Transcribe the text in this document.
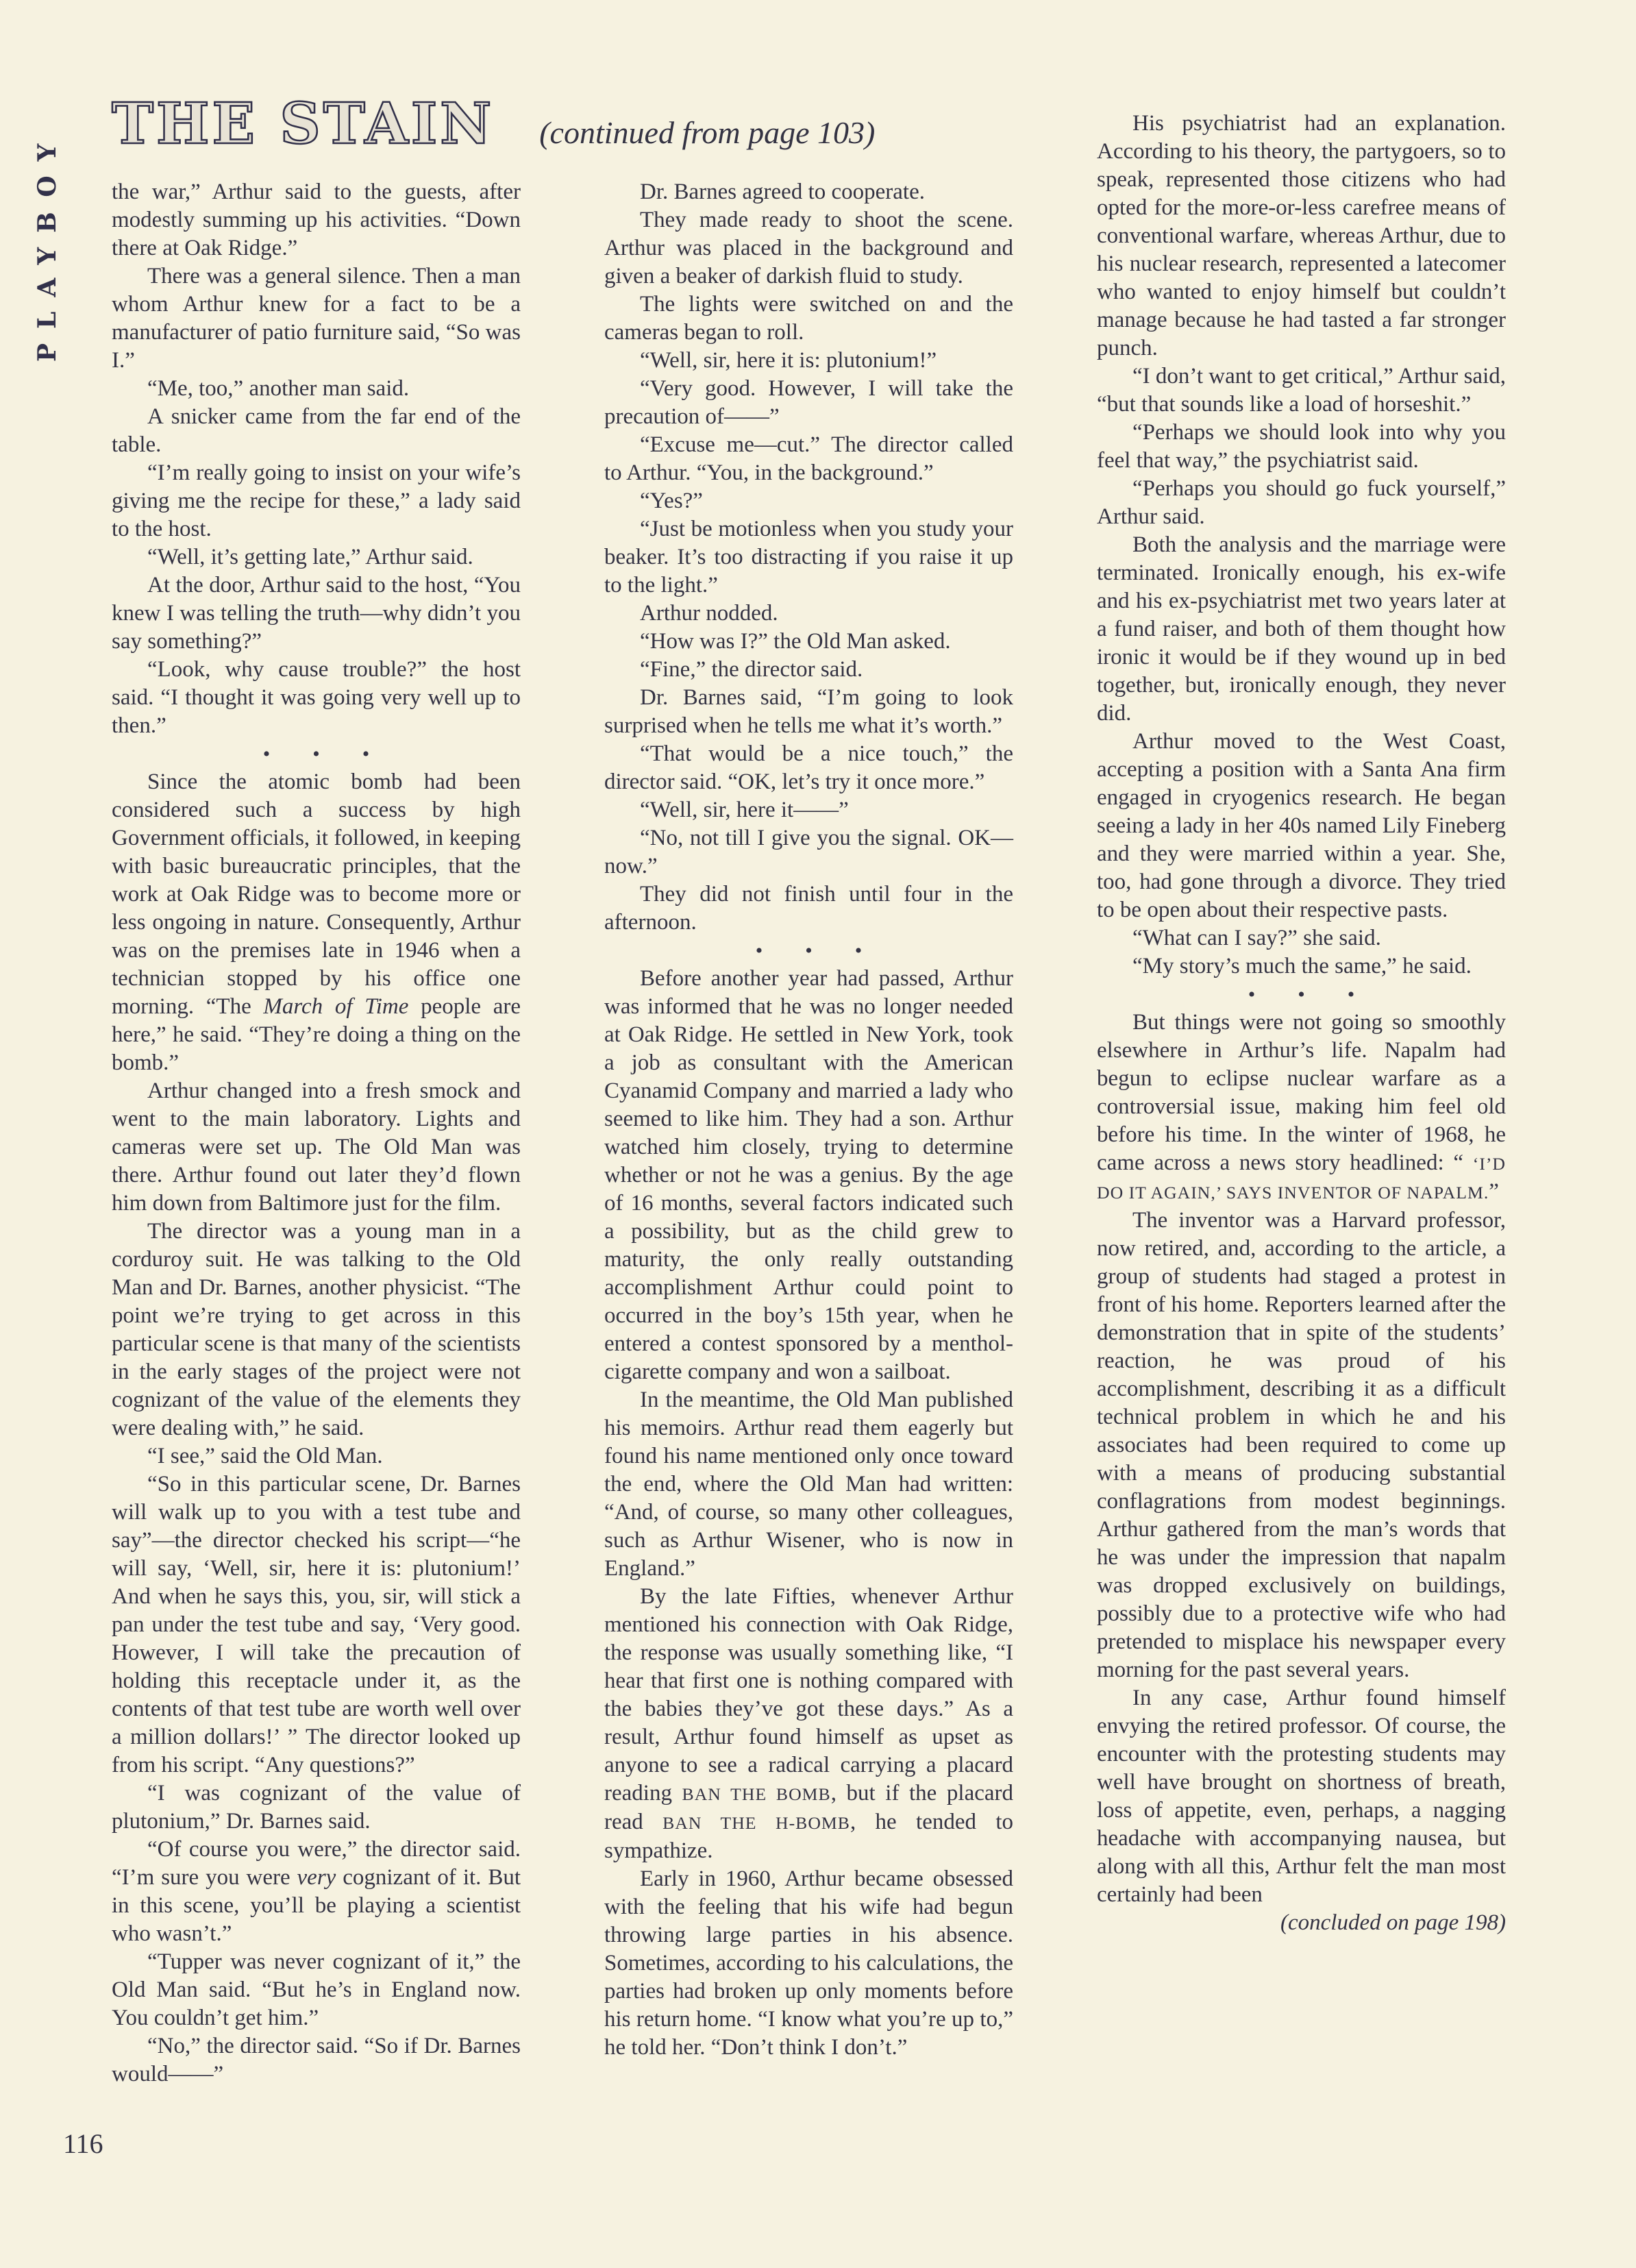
PLAYBOY
THE STAIN (continued from page 103)

the war,” Arthur said to the guests, after modestly summing up his activities. “Down there at Oak Ridge.”

There was a general silence. Then a man whom Arthur knew for a fact to be a manufacturer of patio furniture said, “So was I.”

“Me, too,” another man said.

A snicker came from the far end of the table.

“I’m really going to insist on your wife’s giving me the recipe for these,” a lady said to the host.

“Well, it’s getting late,” Arthur said.

At the door, Arthur said to the host, “You knew I was telling the truth—why didn’t you say something?”

“Look, why cause trouble?” the host said. “I thought it was going very well up to then.”

• • •

Since the atomic bomb had been considered such a success by high Government officials, it followed, in keeping with basic bureaucratic principles, that the work at Oak Ridge was to become more or less ongoing in nature. Consequently, Arthur was on the premises late in 1946 when a technician stopped by his office one morning. “The March of Time people are here,” he said. “They’re doing a thing on the bomb.”

Arthur changed into a fresh smock and went to the main laboratory. Lights and cameras were set up. The Old Man was there. Arthur found out later they’d flown him down from Baltimore just for the film.

The director was a young man in a corduroy suit. He was talking to the Old Man and Dr. Barnes, another physicist. “The point we’re trying to get across in this particular scene is that many of the scientists in the early stages of the project were not cognizant of the value of the elements they were dealing with,” he said.

“I see,” said the Old Man.

“So in this particular scene, Dr. Barnes will walk up to you with a test tube and say”—the director checked his script—“he will say, ‘Well, sir, here it is: plutonium!’ And when he says this, you, sir, will stick a pan under the test tube and say, ‘Very good. However, I will take the precaution of holding this receptacle under it, as the contents of that test tube are worth well over a million dollars!’ ” The director looked up from his script. “Any questions?”

“I was cognizant of the value of plutonium,” Dr. Barnes said.

“Of course you were,” the director said. “I’m sure you were very cognizant of it. But in this scene, you’ll be playing a scientist who wasn’t.”

“Tupper was never cognizant of it,” the Old Man said. “But he’s in England now. You couldn’t get him.”

“No,” the director said. “So if Dr. Barnes would——”

Dr. Barnes agreed to cooperate.

They made ready to shoot the scene. Arthur was placed in the background and given a beaker of darkish fluid to study.

The lights were switched on and the cameras began to roll.

“Well, sir, here it is: plutonium!”

“Very good. However, I will take the precaution of——”

“Excuse me—cut.” The director called to Arthur. “You, in the background.”

“Yes?”

“Just be motionless when you study your beaker. It’s too distracting if you raise it up to the light.”

Arthur nodded.

“How was I?” the Old Man asked.

“Fine,” the director said.

Dr. Barnes said, “I’m going to look surprised when he tells me what it’s worth.”

“That would be a nice touch,” the director said. “OK, let’s try it once more.”

“Well, sir, here it——”

“No, not till I give you the signal. OK—now.”

They did not finish until four in the afternoon.

• • •

Before another year had passed, Arthur was informed that he was no longer needed at Oak Ridge. He settled in New York, took a job as consultant with the American Cyanamid Company and married a lady who seemed to like him. They had a son. Arthur watched him closely, trying to determine whether or not he was a genius. By the age of 16 months, several factors indicated such a possibility, but as the child grew to maturity, the only really outstanding accomplishment Arthur could point to occurred in the boy’s 15th year, when he entered a contest sponsored by a menthol-cigarette company and won a sailboat.

In the meantime, the Old Man published his memoirs. Arthur read them eagerly but found his name mentioned only once toward the end, where the Old Man had written: “And, of course, so many other colleagues, such as Arthur Wisener, who is now in England.”

By the late Fifties, whenever Arthur mentioned his connection with Oak Ridge, the response was usually something like, “I hear that first one is nothing compared with the babies they’ve got these days.” As a result, Arthur found himself as upset as anyone to see a radical carrying a placard reading BAN THE BOMB, but if the placard read BAN THE H-BOMB, he tended to sympathize.

Early in 1960, Arthur became obsessed with the feeling that his wife had begun throwing large parties in his absence. Sometimes, according to his calculations, the parties had broken up only moments before his return home. “I know what you’re up to,” he told her. “Don’t think I don’t.”

His psychiatrist had an explanation. According to his theory, the partygoers, so to speak, represented those citizens who had opted for the more-or-less carefree means of conventional warfare, whereas Arthur, due to his nuclear research, represented a latecomer who wanted to enjoy himself but couldn’t manage because he had tasted a far stronger punch.

“I don’t want to get critical,” Arthur said, “but that sounds like a load of horseshit.”

“Perhaps we should look into why you feel that way,” the psychiatrist said.

“Perhaps you should go fuck yourself,” Arthur said.

Both the analysis and the marriage were terminated. Ironically enough, his ex-wife and his ex-psychiatrist met two years later at a fund raiser, and both of them thought how ironic it would be if they wound up in bed together, but, ironically enough, they never did.

Arthur moved to the West Coast, accepting a position with a Santa Ana firm engaged in cryogenics research. He began seeing a lady in her 40s named Lily Fineberg and they were married within a year. She, too, had gone through a divorce. They tried to be open about their respective pasts.

“What can I say?” she said.

“My story’s much the same,” he said.

• • •

But things were not going so smoothly elsewhere in Arthur’s life. Napalm had begun to eclipse nuclear warfare as a controversial issue, making him feel old before his time. In the winter of 1968, he came across a news story headlined: “ ‘I’D DO IT AGAIN,’ SAYS INVENTOR OF NAPALM.”

The inventor was a Harvard professor, now retired, and, according to the article, a group of students had staged a protest in front of his home. Reporters learned after the demonstration that in spite of the students’ reaction, he was proud of his accomplishment, describing it as a difficult technical problem in which he and his associates had been required to come up with a means of producing substantial conflagrations from modest beginnings. Arthur gathered from the man’s words that he was under the impression that napalm was dropped exclusively on buildings, possibly due to a protective wife who had pretended to misplace his newspaper every morning for the past several years.

In any case, Arthur found himself envying the retired professor. Of course, the encounter with the protesting students may well have brought on shortness of breath, loss of appetite, even, perhaps, a nagging headache with accompanying nausea, but along with all this, Arthur felt the man most certainly had been

(concluded on page 198)

116
